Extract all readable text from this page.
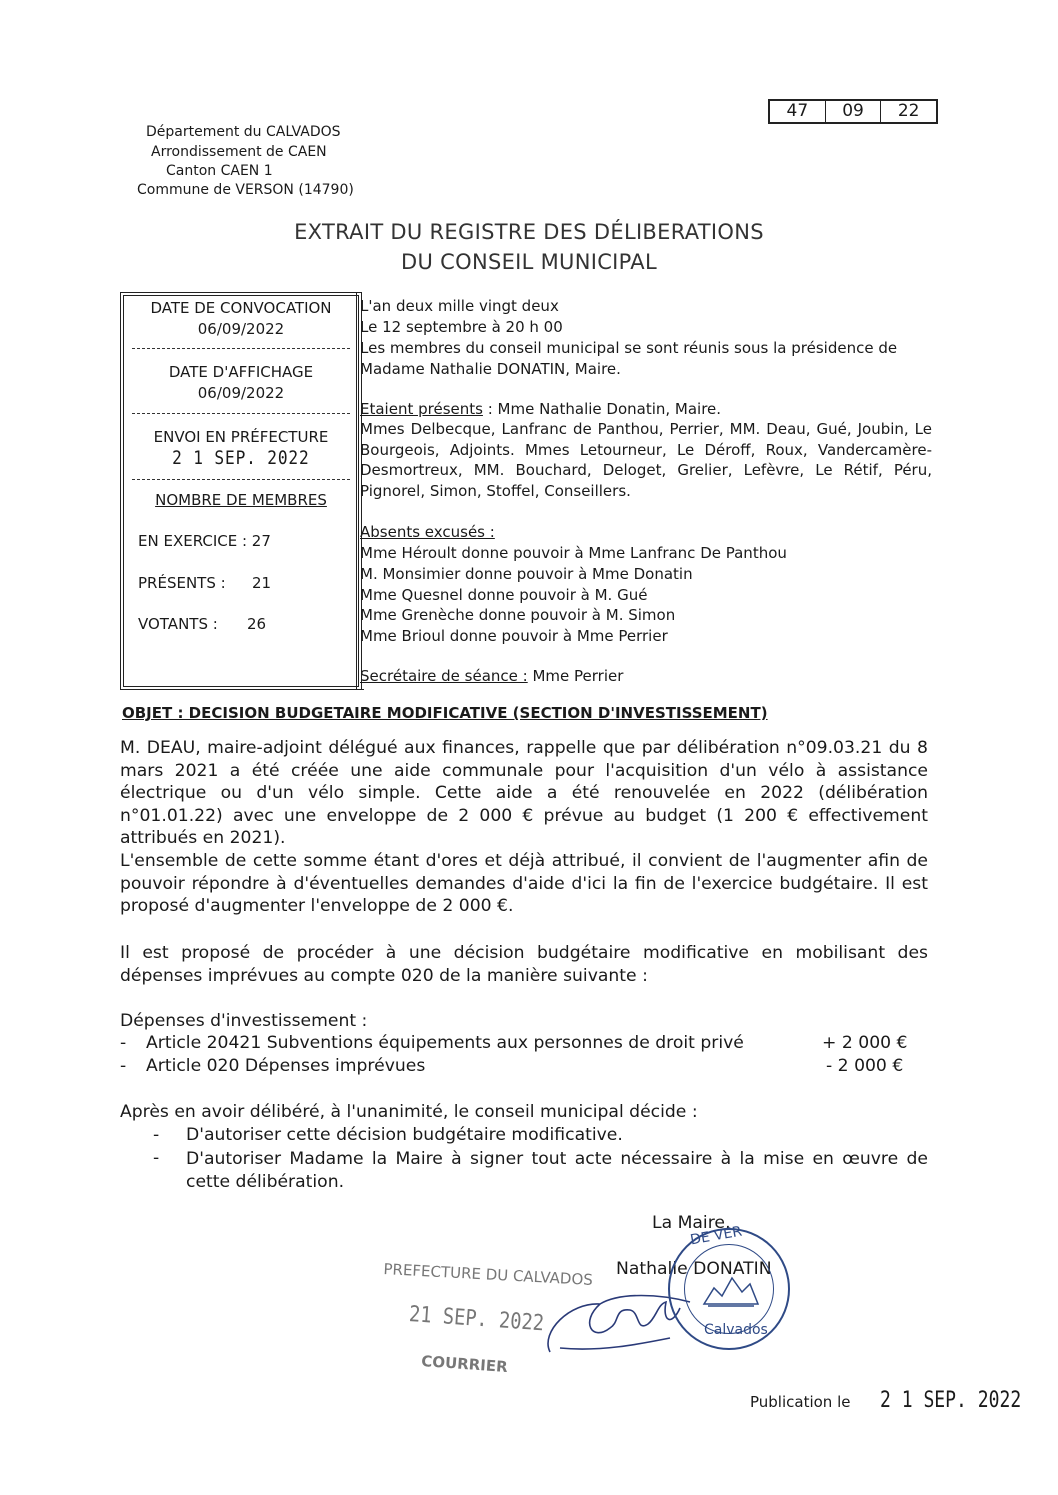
47	09	22
Département du CALVADOS
Arrondissement de CAEN
Canton CAEN 1
Commune de VERSON (14790)
EXTRAIT DU REGISTRE DES DÉLIBERATIONS
DU CONSEIL MUNICIPAL
DATE DE CONVOCATION
06/09/2022
DATE D'AFFICHAGE
06/09/2022
ENVOI EN PRÉFECTURE
2 1 SEP. 2022
NOMBRE DE MEMBRES
EN EXERCICE : 27
PRÉSENTS : 21
VOTANTS : 26
L'an deux mille vingt deux
Le 12 septembre à 20 h 00
Les membres du conseil municipal se sont réunis sous la présidence de
Madame Nathalie DONATIN, Maire.
Etaient présents : Mme Nathalie Donatin, Maire.
Mmes Delbecque, Lanfranc de Panthou, Perrier, MM. Deau, Gué, Joubin, Le Bourgeois, Adjoints. Mmes Letourneur, Le Déroff, Roux, Vandercamère-Desmortreux, MM. Bouchard, Deloget, Grelier, Lefèvre, Le Rétif, Péru, Pignorel, Simon, Stoffel, Conseillers.
Absents excusés :
Mme Héroult donne pouvoir à Mme Lanfranc De Panthou
M. Monsimier donne pouvoir à Mme Donatin
Mme Quesnel donne pouvoir à M. Gué
Mme Grenèche donne pouvoir à M. Simon
Mme Brioul donne pouvoir à Mme Perrier
Secrétaire de séance : Mme Perrier
OBJET : DECISION BUDGETAIRE MODIFICATIVE (SECTION D'INVESTISSEMENT)
M. DEAU, maire-adjoint délégué aux finances, rappelle que par délibération n°09.03.21 du 8 mars 2021 a été créée une aide communale pour l'acquisition d'un vélo à assistance électrique ou d'un vélo simple. Cette aide a été renouvelée en 2022 (délibération n°01.01.22) avec une enveloppe de 2 000 € prévue au budget (1 200 € effectivement attribués en 2021).
L'ensemble de cette somme étant d'ores et déjà attribué, il convient de l'augmenter afin de pouvoir répondre à d'éventuelles demandes d'aide d'ici la fin de l'exercice budgétaire. Il est proposé d'augmenter l'enveloppe de 2 000 €.
Il est proposé de procéder à une décision budgétaire modificative en mobilisant des dépenses imprévues au compte 020 de la manière suivante :
Dépenses d'investissement :
- Article 20421 Subventions équipements aux personnes de droit privé	+ 2 000 €
- Article 020 Dépenses imprévues	- 2 000 €
Après en avoir délibéré, à l'unanimité, le conseil municipal décide :
- D'autoriser cette décision budgétaire modificative.
- D'autoriser Madame la Maire à signer tout acte nécessaire à la mise en œuvre de cette délibération.
La Maire,
Nathalie DONATIN
PREFECTURE DU CALVADOS
21 SEP. 2022
COURRIER
DE VER
Calvados
Publication le 2 1 SEP. 2022
